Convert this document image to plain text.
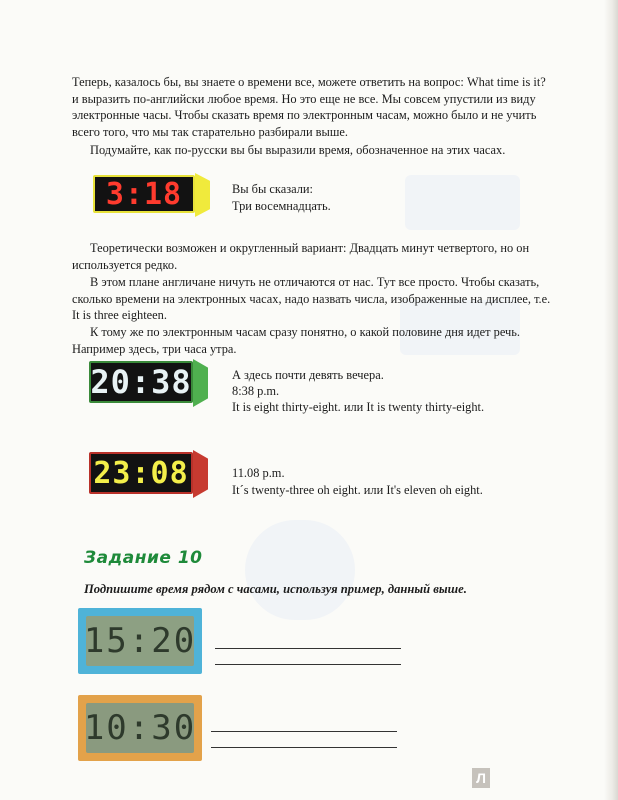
Теперь, казалось бы, вы знаете о времени все, можете ответить на вопрос: What time is it? и выразить по-английски любое время. Но это еще не все. Мы совсем упустили из виду электронные часы. Чтобы сказать время по электронным часам, можно было и не учить всего того, что мы так старательно разбирали выше.

Подумайте, как по-русски вы бы выразили время, обозначенное на этих часах.

3:18	Вы бы сказали:

Три восемнадцать.

Теоретически возможен и округленный вариант: Двадцать минут четвертого, но он используется редко.

В этом плане англичане ничуть не отличаются от нас. Тут все просто. Чтобы сказать, сколько времени на электронных часах, надо назвать числа, изображенные на дисплее, т.е. It is three eighteen.

К тому же по электронным часам сразу понятно, о какой половине дня идет речь. Например здесь, три часа утра.

20:38	А здесь почти девять вечера.

8:38 p.m.

It is eight thirty-eight. или It is twenty thirty-eight.

23:08	11.08 p.m.

It´s twenty-three oh eight. или It's eleven oh eight.

Задание 10

Подпишите время рядом с часами, используя пример, данный выше.

15:20
10:30
Л
